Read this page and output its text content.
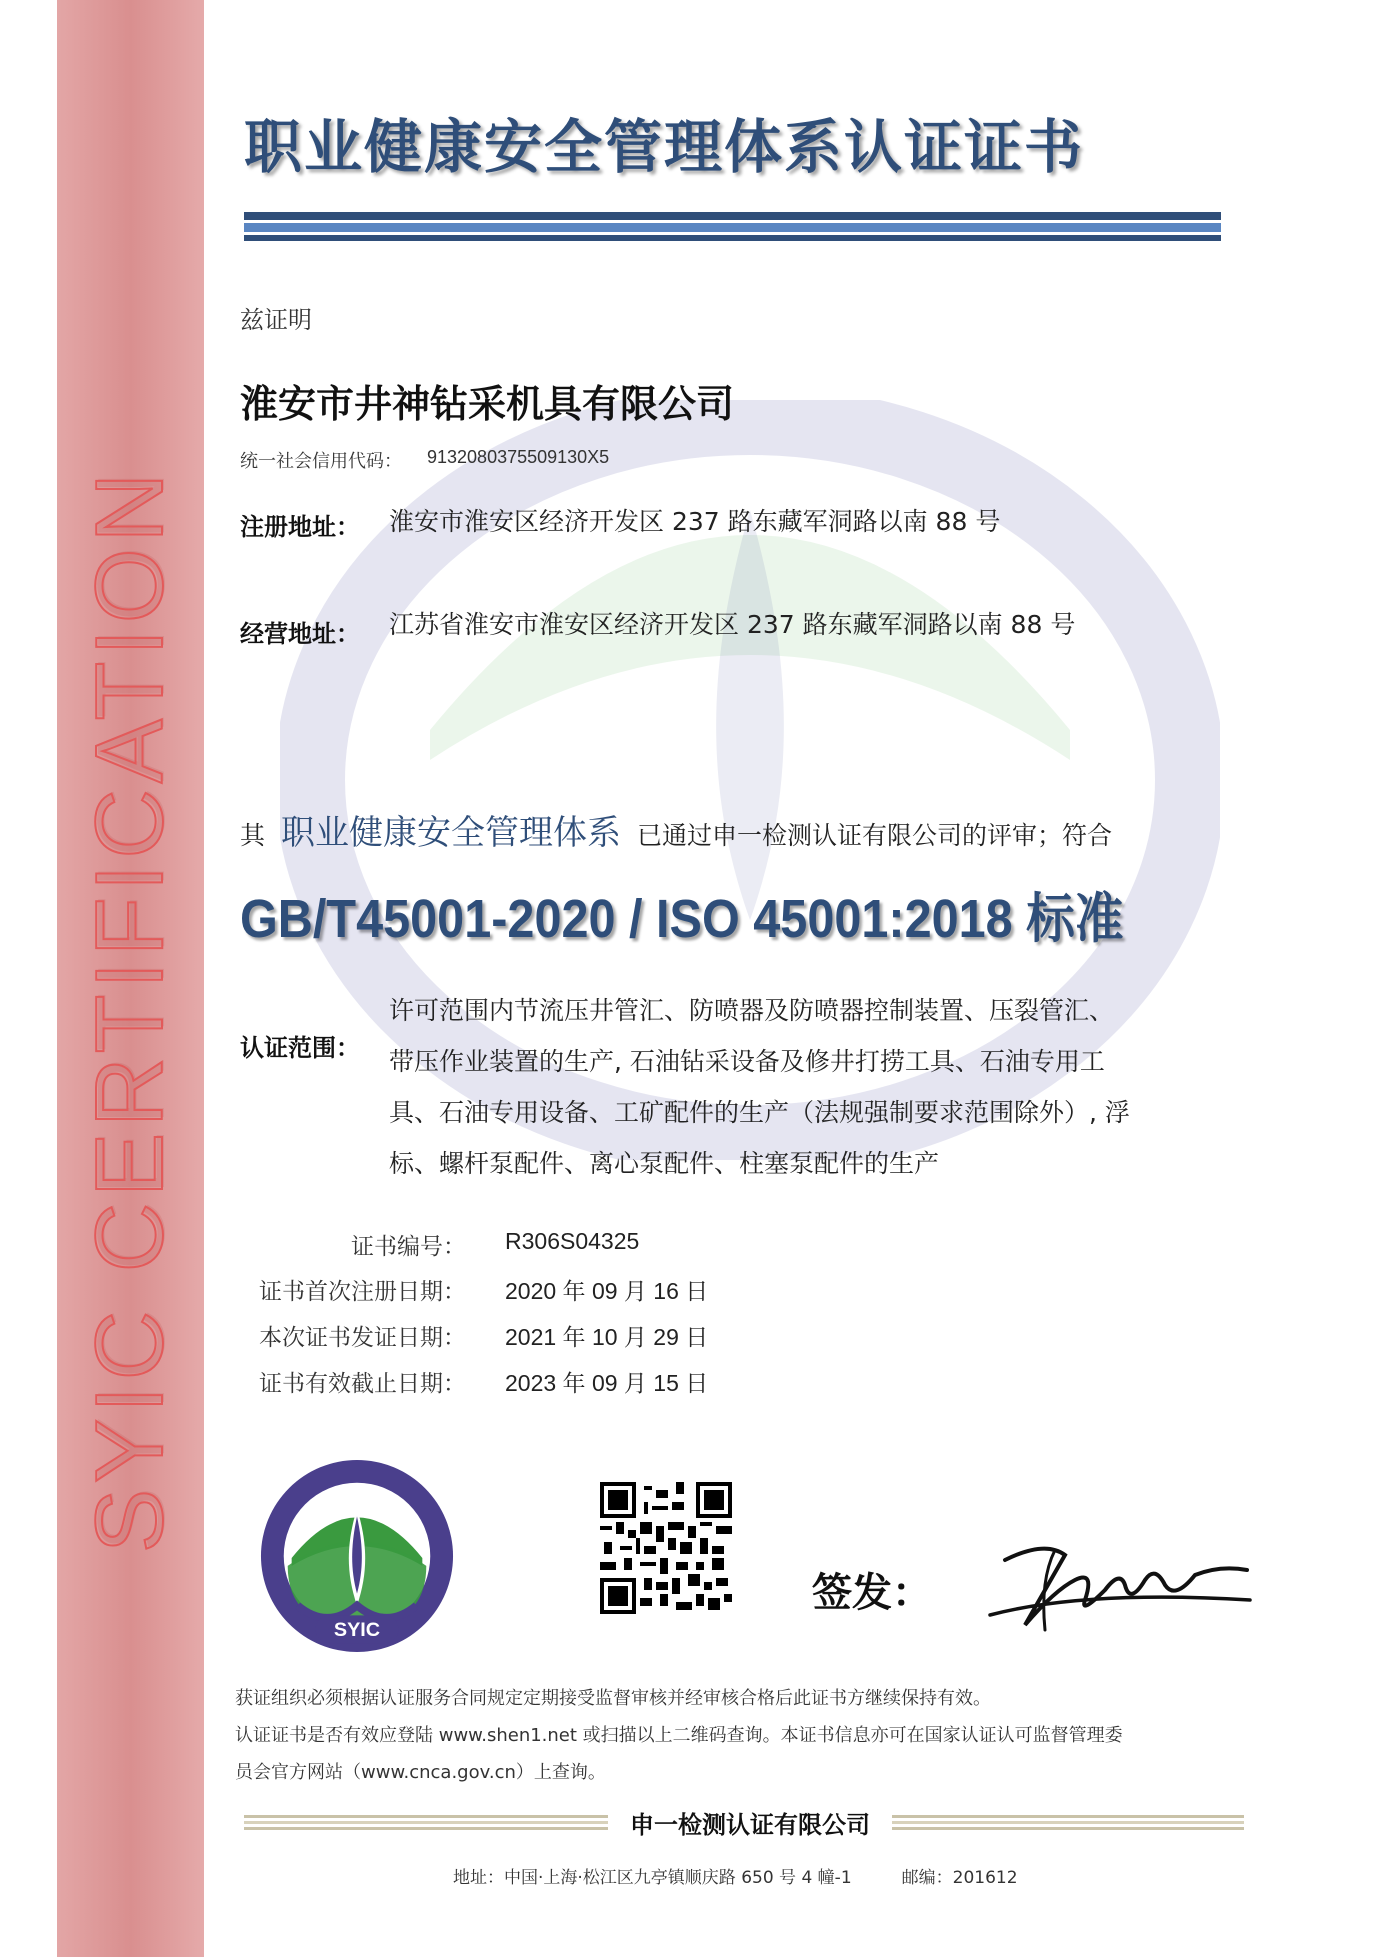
SYIC CERTIFICATION
职业健康安全管理体系认证证书
兹证明
淮安市井神钻采机具有限公司
统一社会信用代码： 9132080375509130X5
注册地址： 淮安市淮安区经济开发区 237 路东藏军洞路以南 88 号
经营地址： 江苏省淮安市淮安区经济开发区 237 路东藏军洞路以南 88 号
其 职业健康安全管理体系 已通过申一检测认证有限公司的评审；符合
GB/T45001-2020 / ISO 45001:2018 标准
认证范围：
许可范围内节流压井管汇、防喷器及防喷器控制装置、压裂管汇、
带压作业装置的生产, 石油钻采设备及修井打捞工具、石油专用工
具、石油专用设备、工矿配件的生产（法规强制要求范围除外）, 浮
标、螺杆泵配件、离心泵配件、柱塞泵配件的生产
证书编号： R306S04325
证书首次注册日期： 2020 年 09 月 16 日
本次证书发证日期： 2021 年 10 月 29 日
证书有效截止日期： 2023 年 09 月 15 日
SYIC
签发：
获证组织必须根据认证服务合同规定定期接受监督审核并经审核合格后此证书方继续保持有效。
认证证书是否有效应登陆 www.shen1.net 或扫描以上二维码查询。本证书信息亦可在国家认证认可监督管理委
员会官方网站（www.cnca.gov.cn）上查询。
申一检测认证有限公司
地址：中国·上海·松江区九亭镇顺庆路 650 号 4 幢-1	邮编：201612
